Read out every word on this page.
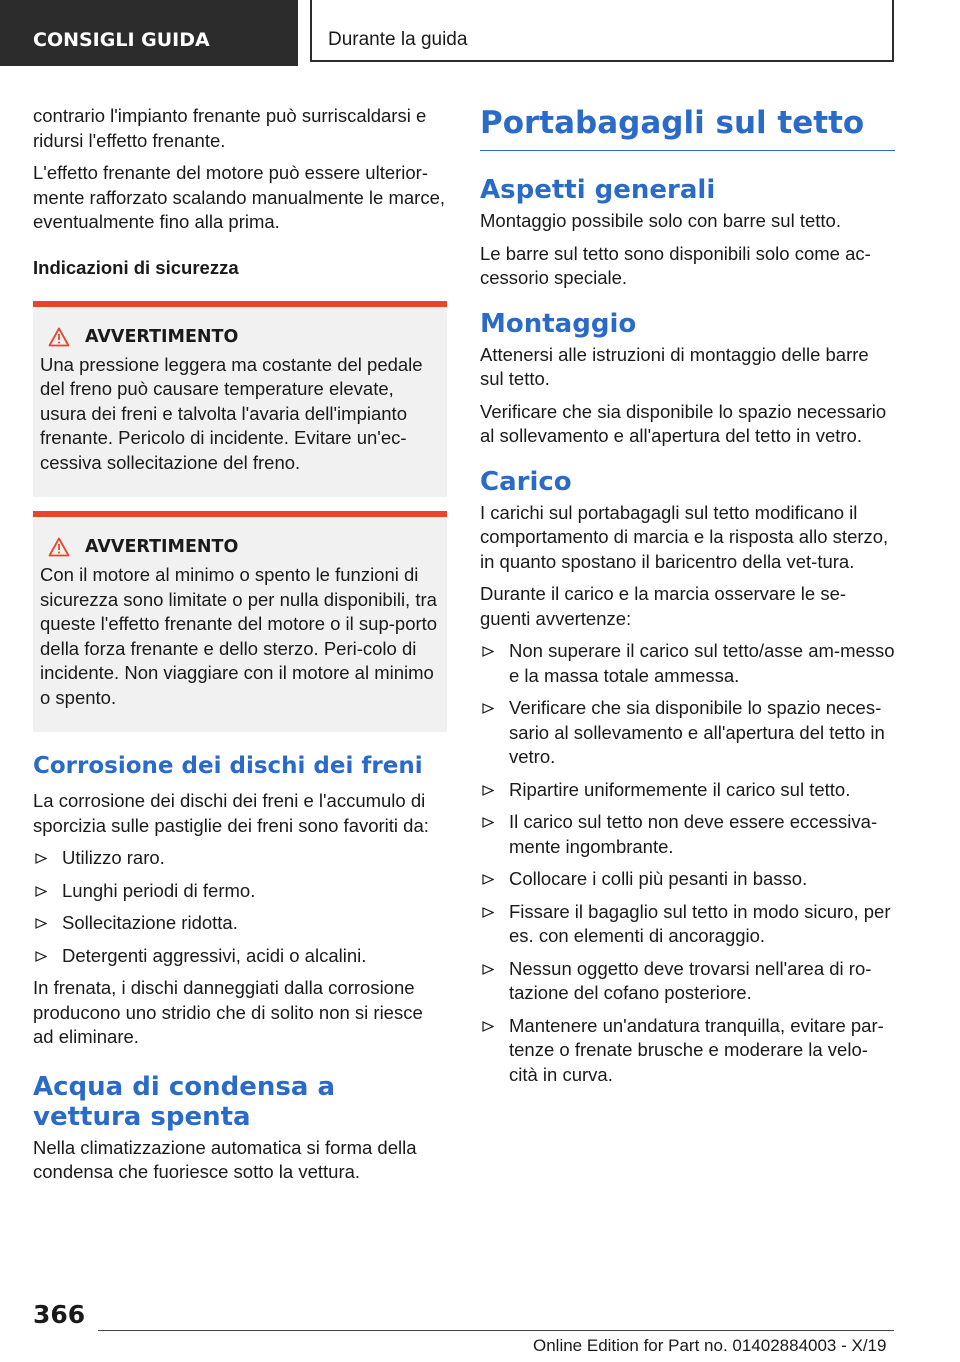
CONSIGLI GUIDA	Durante la guida

contrario l'impianto frenante può surriscaldarsi e ridursi l'effetto frenante.

L'effetto frenante del motore può essere ulterior-mente rafforzato scalando manualmente le marce, eventualmente fino alla prima.

Indicazioni di sicurezza
AVVERTIMENTO

Una pressione leggera ma costante del pedale del freno può causare temperature elevate, usura dei freni e talvolta l'avaria dell'impianto frenante. Pericolo di incidente. Evitare un'ec-cessiva sollecitazione del freno.

AVVERTIMENTO

Con il motore al minimo o spento le funzioni di sicurezza sono limitate o per nulla disponibili, tra queste l'effetto frenante del motore o il sup-porto della forza frenante e dello sterzo. Peri-colo di incidente. Non viaggiare con il motore al minimo o spento.

Corrosione dei dischi dei freni

La corrosione dei dischi dei freni e l'accumulo di sporcizia sulle pastiglie dei freni sono favoriti da:

Utilizzo raro.
Lunghi periodi di fermo.
Sollecitazione ridotta.
Detergenti aggressivi, acidi o alcalini.

In frenata, i dischi danneggiati dalla corrosione producono uno stridio che di solito non si riesce ad eliminare.

Acqua di condensa a vettura spenta

Nella climatizzazione automatica si forma della condensa che fuoriesce sotto la vettura.

Portabagagli sul tetto
Aspetti generali

Montaggio possibile solo con barre sul tetto.

Le barre sul tetto sono disponibili solo come ac-cessorio speciale.

Montaggio

Attenersi alle istruzioni di montaggio delle barre sul tetto.

Verificare che sia disponibile lo spazio necessario al sollevamento e all'apertura del tetto in vetro.

Carico

I carichi sul portabagagli sul tetto modificano il comportamento di marcia e la risposta allo sterzo, in quanto spostano il baricentro della vet-tura.

Durante il carico e la marcia osservare le se-guenti avvertenze:

Non superare il carico sul tetto/asse am-messo e la massa totale ammessa.
Verificare che sia disponibile lo spazio neces-sario al sollevamento e all'apertura del tetto in vetro.
Ripartire uniformemente il carico sul tetto.
Il carico sul tetto non deve essere eccessiva-mente ingombrante.
Collocare i colli più pesanti in basso.
Fissare il bagaglio sul tetto in modo sicuro, per es. con elementi di ancoraggio.
Nessun oggetto deve trovarsi nell'area di ro-tazione del cofano posteriore.
Mantenere un'andatura tranquilla, evitare par-tenze o frenate brusche e moderare la velo-cità in curva.
366
Online Edition for Part no. 01402884003 - X/19
